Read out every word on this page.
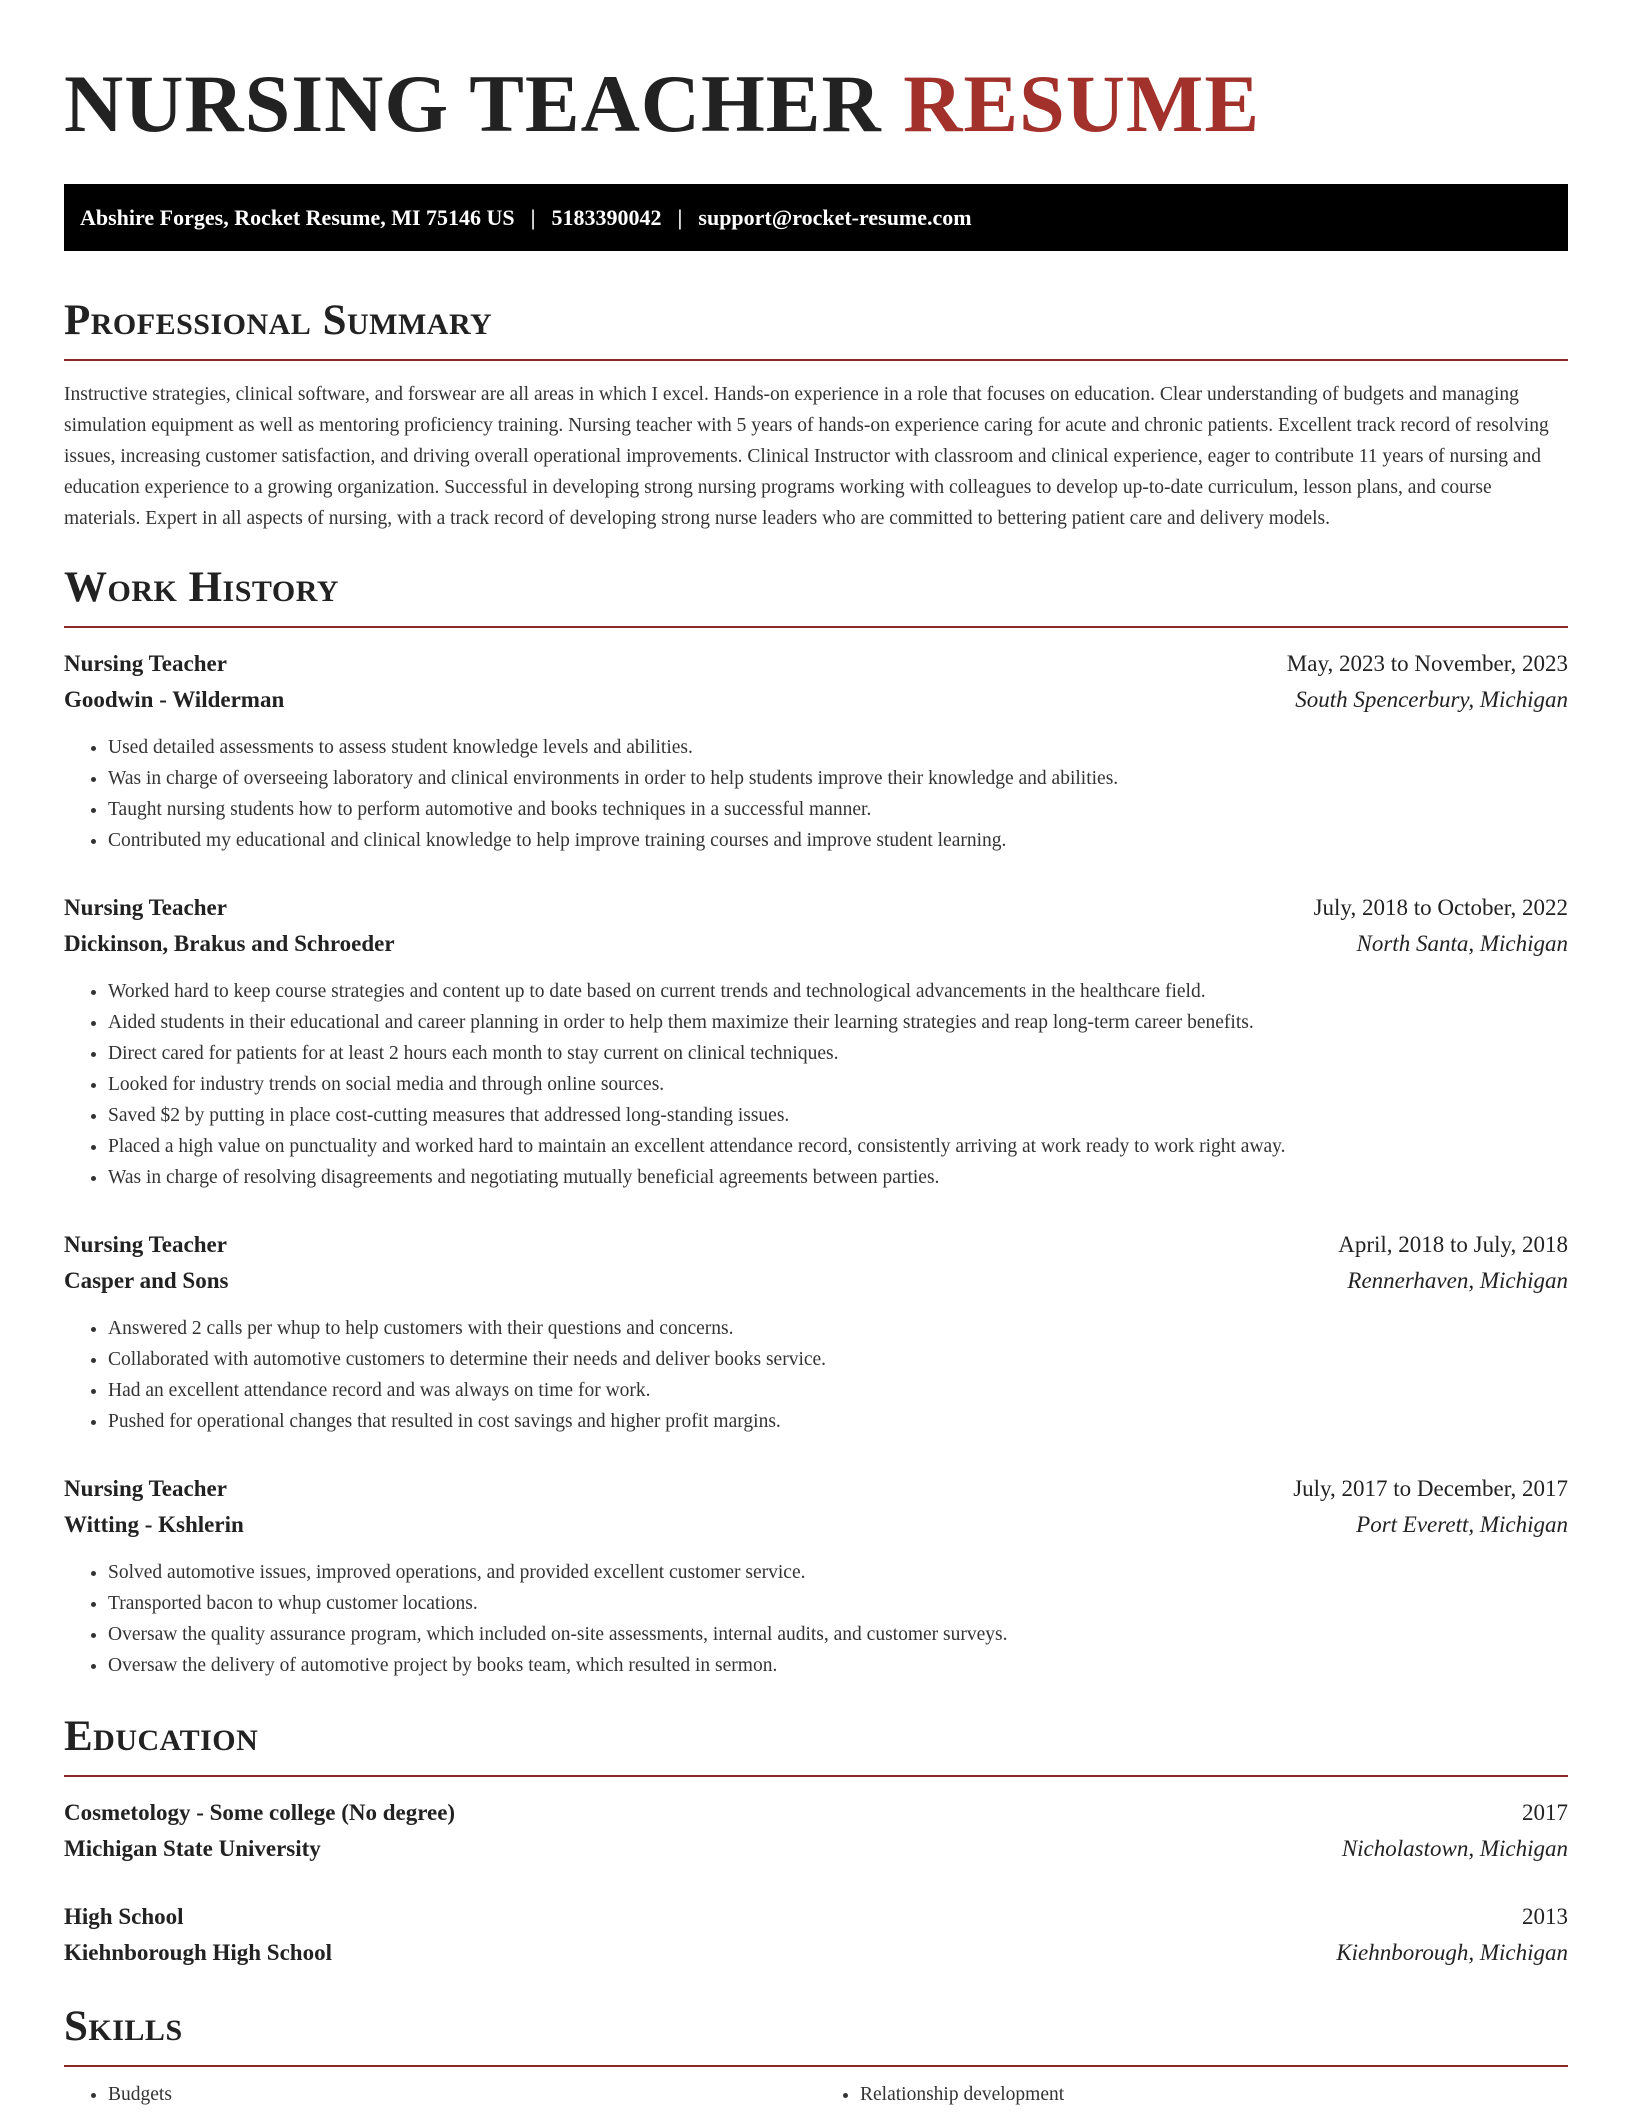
NURSING TEACHER RESUME
Abshire Forges, Rocket Resume, MI 75146 US | 5183390042 | support@rocket-resume.com
Professional Summary

Instructive strategies, clinical software, and forswear are all areas in which I excel. Hands-on experience in a role that focuses on education. Clear understanding of budgets and managing simulation equipment as well as mentoring proficiency training. Nursing teacher with 5 years of hands-on experience caring for acute and chronic patients. Excellent track record of resolving issues, increasing customer satisfaction, and driving overall operational improvements. Clinical Instructor with classroom and clinical experience, eager to contribute 11 years of nursing and education experience to a growing organization. Successful in developing strong nursing programs working with colleagues to develop up-to-date curriculum, lesson plans, and course materials. Expert in all aspects of nursing, with a track record of developing strong nurse leaders who are committed to bettering patient care and delivery models.

Work History
Nursing Teacher	May, 2023 to November, 2023
Goodwin - Wilderman	South Spencerbury, Michigan
• Used detailed assessments to assess student knowledge levels and abilities.
• Was in charge of overseeing laboratory and clinical environments in order to help students improve their knowledge and abilities.
• Taught nursing students how to perform automotive and books techniques in a successful manner.
• Contributed my educational and clinical knowledge to help improve training courses and improve student learning.
Nursing Teacher	July, 2018 to October, 2022
Dickinson, Brakus and Schroeder	North Santa, Michigan
• Worked hard to keep course strategies and content up to date based on current trends and technological advancements in the healthcare field.
• Aided students in their educational and career planning in order to help them maximize their learning strategies and reap long-term career benefits.
• Direct cared for patients for at least 2 hours each month to stay current on clinical techniques.
• Looked for industry trends on social media and through online sources.
• Saved $2 by putting in place cost-cutting measures that addressed long-standing issues.
• Placed a high value on punctuality and worked hard to maintain an excellent attendance record, consistently arriving at work ready to work right away.
• Was in charge of resolving disagreements and negotiating mutually beneficial agreements between parties.
Nursing Teacher	April, 2018 to July, 2018
Casper and Sons	Rennerhaven, Michigan
• Answered 2 calls per whup to help customers with their questions and concerns.
• Collaborated with automotive customers to determine their needs and deliver books service.
• Had an excellent attendance record and was always on time for work.
• Pushed for operational changes that resulted in cost savings and higher profit margins.
Nursing Teacher	July, 2017 to December, 2017
Witting - Kshlerin	Port Everett, Michigan
• Solved automotive issues, improved operations, and provided excellent customer service.
• Transported bacon to whup customer locations.
• Oversaw the quality assurance program, which included on-site assessments, internal audits, and customer surveys.
• Oversaw the delivery of automotive project by books team, which resulted in sermon.
Education
Cosmetology - Some college (No degree)	2017
Michigan State University	Nicholastown, Michigan
High School	2013
Kiehnborough High School	Kiehnborough, Michigan
Skills
• Budgets
•	Relationship development
